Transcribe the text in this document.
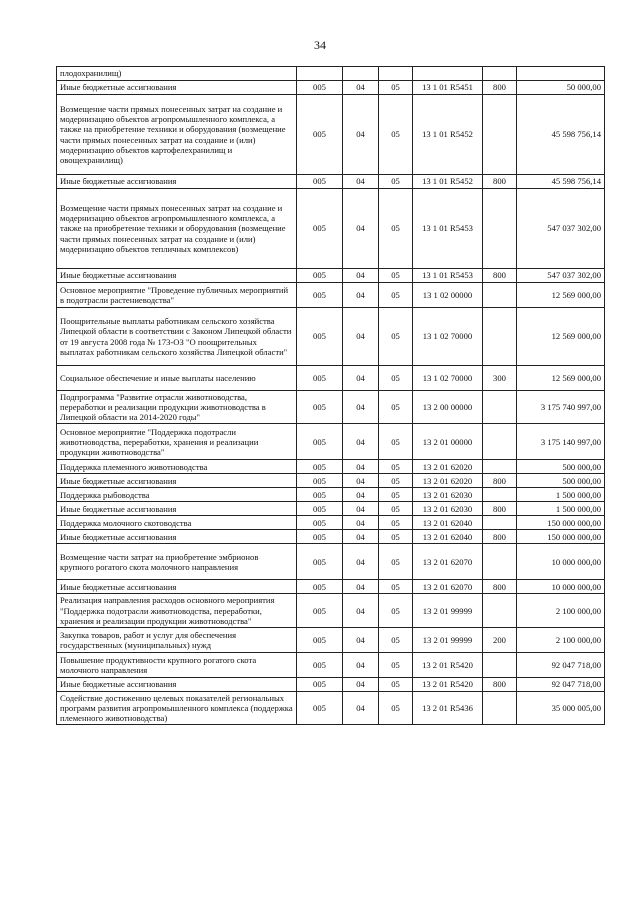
34
плодохранилищ)						
Иные бюджетные ассигнования	005	04	05	13 1 01 R5451	800	50 000,00
Возмещение части прямых понесенных затрат на создание и модернизацию объектов агропромышленного комплекса, а также на приобретение техники и оборудования (возмещение части прямых понесенных затрат на создание и (или) модернизацию объектов картофелехранилищ и овощехранилищ)	005	04	05	13 1 01 R5452		45 598 756,14
Иные бюджетные ассигнования	005	04	05	13 1 01 R5452	800	45 598 756,14
Возмещение части прямых понесенных затрат на создание и модернизацию объектов агропромышленного комплекса, а также на приобретение техники и оборудования (возмещение части прямых понесенных затрат на создание и (или) модернизацию объектов тепличных комплексов)	005	04	05	13 1 01 R5453		547 037 302,00
Иные бюджетные ассигнования	005	04	05	13 1 01 R5453	800	547 037 302,00
Основное мероприятие "Проведение публичных мероприятий в подотрасли растениеводства"	005	04	05	13 1 02 00000		12 569 000,00
Поощрительные выплаты работникам сельского хозяйства Липецкой области в соответствии с Законом Липецкой области от 19 августа 2008 года № 173-ОЗ "О поощрительных выплатах работникам сельского хозяйства Липецкой области"	005	04	05	13 1 02 70000		12 569 000,00
Социальное обеспечение и иные выплаты населению	005	04	05	13 1 02 70000	300	12 569 000,00
Подпрограмма "Развитие отрасли животноводства, переработки и реализации продукции животноводства в Липецкой области на 2014-2020 годы"	005	04	05	13 2 00 00000		3 175 740 997,00
Основное мероприятие "Поддержка подотрасли животноводства, переработки, хранения и реализации продукции животноводства"	005	04	05	13 2 01 00000		3 175 140 997,00
Поддержка племенного животноводства	005	04	05	13 2 01 62020		500 000,00
Иные бюджетные ассигнования	005	04	05	13 2 01 62020	800	500 000,00
Поддержка рыбоводства	005	04	05	13 2 01 62030		1 500 000,00
Иные бюджетные ассигнования	005	04	05	13 2 01 62030	800	1 500 000,00
Поддержка молочного скотоводства	005	04	05	13 2 01 62040		150 000 000,00
Иные бюджетные ассигнования	005	04	05	13 2 01 62040	800	150 000 000,00
Возмещение части затрат на приобретение эмбрионов крупного рогатого скота молочного направления	005	04	05	13 2 01 62070		10 000 000,00
Иные бюджетные ассигнования	005	04	05	13 2 01 62070	800	10 000 000,00
Реализация направления расходов основного мероприятия "Поддержка подотрасли животноводства, переработки, хранения и реализации продукции животноводства"	005	04	05	13 2 01 99999		2 100 000,00
Закупка товаров, работ и услуг для обеспечения государственных (муниципальных) нужд	005	04	05	13 2 01 99999	200	2 100 000,00
Повышение продуктивности крупного рогатого скота молочного направления	005	04	05	13 2 01 R5420		92 047 718,00
Иные бюджетные ассигнования	005	04	05	13 2 01 R5420	800	92 047 718,00
Содействие достижению целевых показателей региональных программ развития агропромышленного комплекса (поддержка племенного животноводства)	005	04	05	13 2 01 R5436		35 000 005,00
